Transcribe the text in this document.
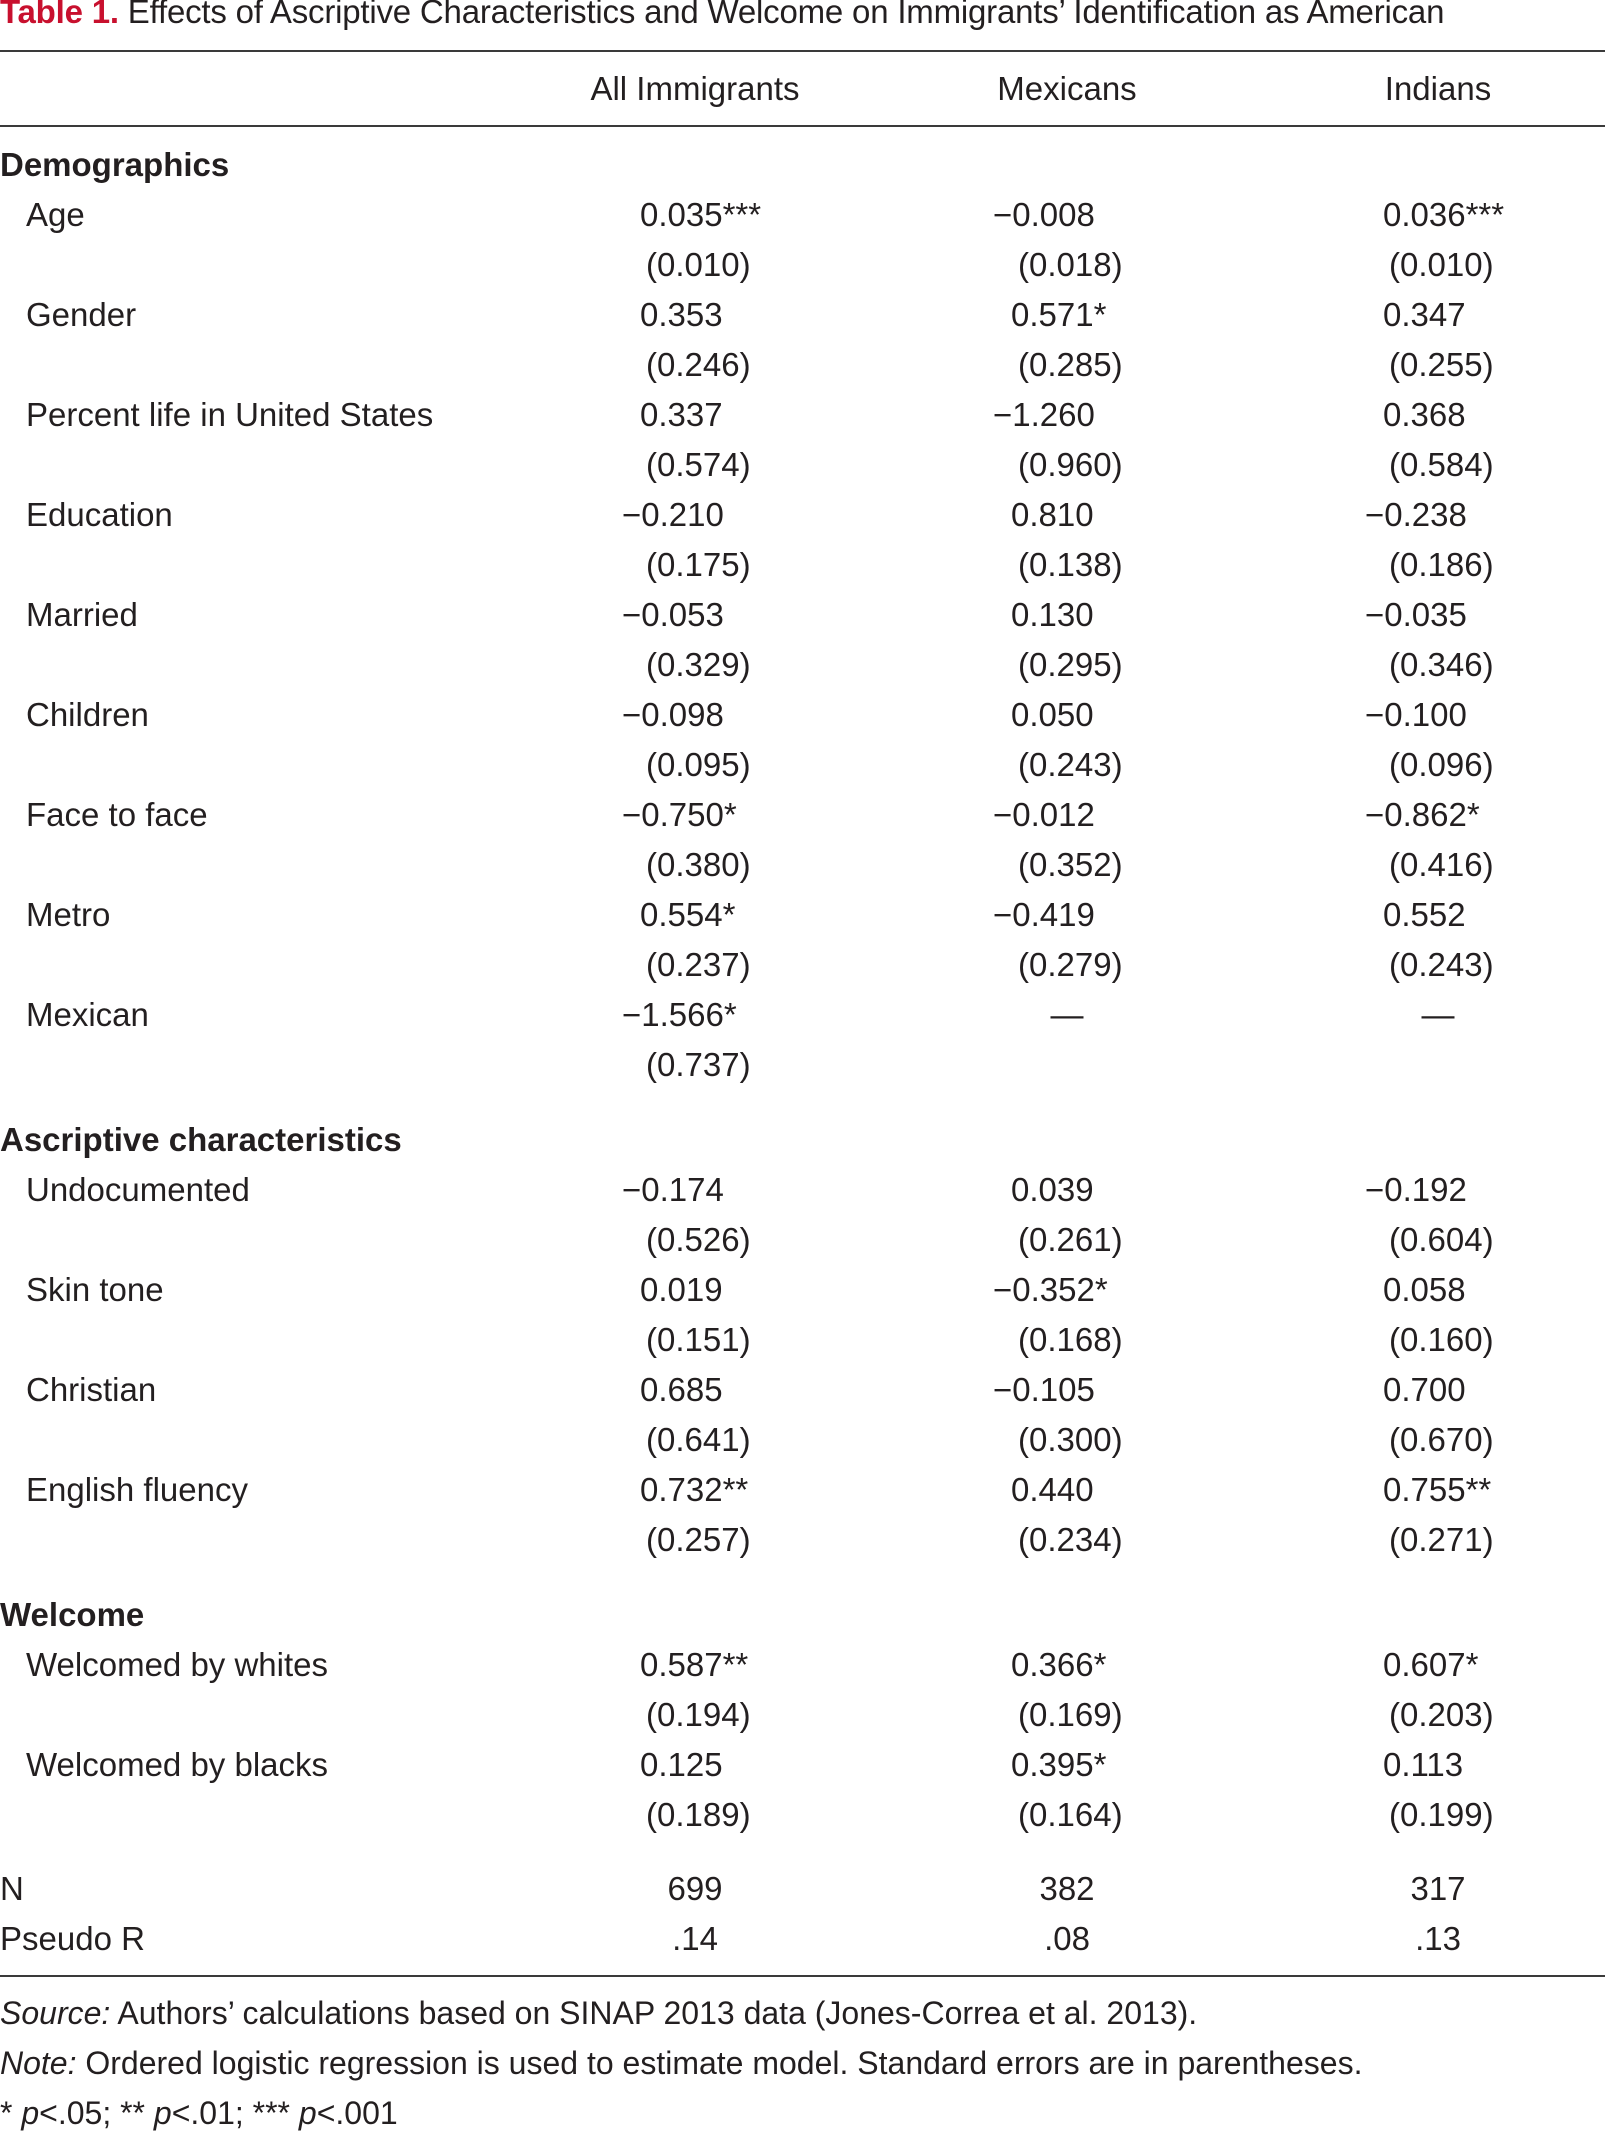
Table 1. Effects of Ascriptive Characteristics and Welcome on Immigrants’ Identification as American
All Immigrants	Mexicans	Indians
Demographics
Age	0.035***	−0.008	0.036***
(0.010)	(0.018)	(0.010)
Gender	0.353	0.571*	0.347
(0.246)	(0.285)	(0.255)
Percent life in United States	0.337	−1.260	0.368
(0.574)	(0.960)	(0.584)
Education	−0.210	0.810	−0.238
(0.175)	(0.138)	(0.186)
Married	−0.053	0.130	−0.035
(0.329)	(0.295)	(0.346)
Children	−0.098	0.050	−0.100
(0.095)	(0.243)	(0.096)
Face to face	−0.750*	−0.012	−0.862*
(0.380)	(0.352)	(0.416)
Metro	0.554*	−0.419	0.552
(0.237)	(0.279)	(0.243)
Mexican	−1.566*	—	—
(0.737)
Ascriptive characteristics
Undocumented	−0.174	0.039	−0.192
(0.526)	(0.261)	(0.604)
Skin tone	0.019	−0.352*	0.058
(0.151)	(0.168)	(0.160)
Christian	0.685	−0.105	0.700
(0.641)	(0.300)	(0.670)
English fluency	0.732**	0.440	0.755**
(0.257)	(0.234)	(0.271)
Welcome
Welcomed by whites	0.587**	0.366*	0.607*
(0.194)	(0.169)	(0.203)
Welcomed by blacks	0.125	0.395*	0.113
(0.189)	(0.164)	(0.199)
N	699	382	317
Pseudo R	.14	.08	.13
Source: Authors’ calculations based on SINAP 2013 data (Jones-Correa et al. 2013).
Note: Ordered logistic regression is used to estimate model. Standard errors are in parentheses.
* p<.05; ** p<.01; *** p<.001
